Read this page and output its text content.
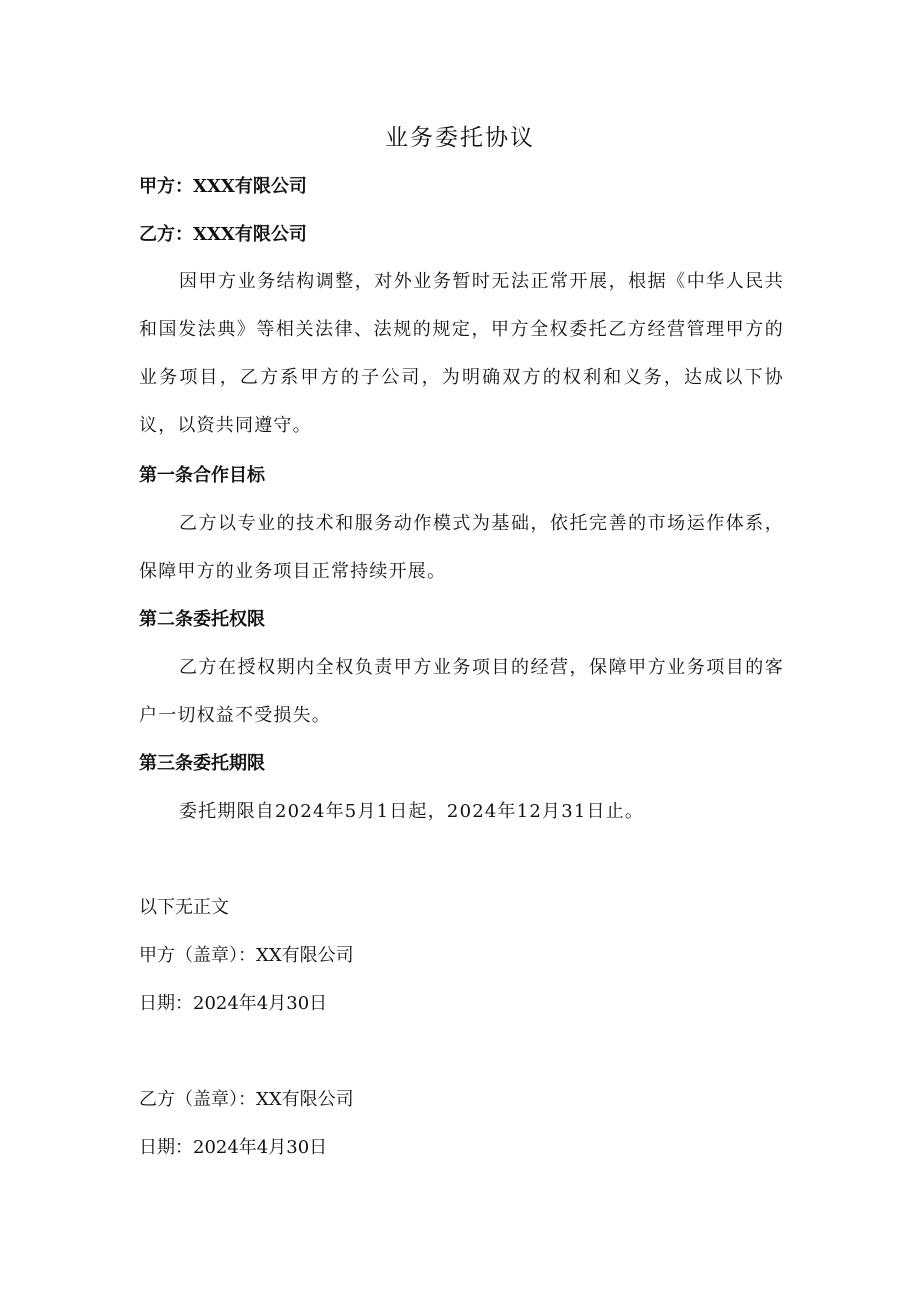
业务委托协议
甲方：XXX有限公司
乙方：XXX有限公司
因甲方业务结构调整，对外业务暂时无法正常开展，根据《中华人民共和国发法典》等相关法律、法规的规定，甲方全权委托乙方经营管理甲方的业务项目，乙方系甲方的子公司，为明确双方的权利和义务，达成以下协议，以资共同遵守。
第一条合作目标
乙方以专业的技术和服务动作模式为基础，依托完善的市场运作体系，保障甲方的业务项目正常持续开展。
第二条委托权限
乙方在授权期内全权负责甲方业务项目的经营，保障甲方业务项目的客户一切权益不受损失。
第三条委托期限
委托期限自2024年5月1日起，2024年12月31日止。
以下无正文
甲方（盖章）：XX有限公司
日期：2024年4月30日
乙方（盖章）：XX有限公司
日期：2024年4月30日
